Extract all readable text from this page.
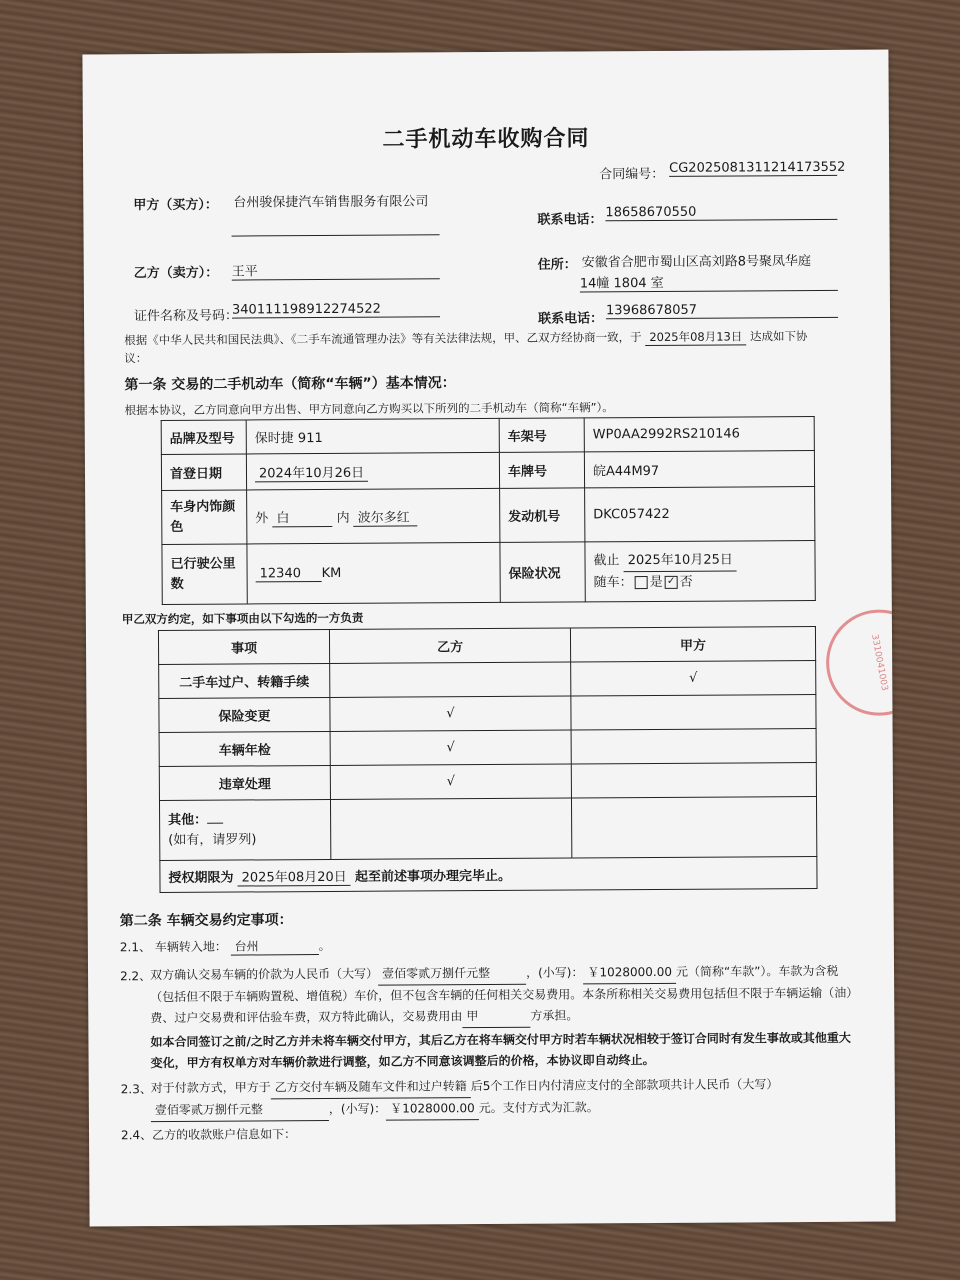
二手机动车收购合同
合同编号： CG202508131121417355​2
甲方（买方）： 台州骏保捷汽车销售服务有限公司
联系电话： 18658670550
乙方（卖方）： 王平	住所： 安徽省合肥市蜀山区高刘路8号聚凤华庭
14幢 1804 室
证件名称及号码：
340111198912274522
联系电话：
13968678057
根据《中华人民共和国民法典》、《二手车流通管理办法》等有关法律法规，甲、乙双方经协商一致，于 2025年08月13日 达成如下协
议：
第一条 交易的二手机动车（简称“车辆”）基本情况：
根据本协议，乙方同意向甲方出售、甲方同意向乙方购买以下所列的二手机动车（简称“车辆”）。
品牌及型号	保时捷 911	车架号	WP0AA2992RS210146
首登日期	2024年10月26日	车牌号	皖A44M97
车身内饰颜色	外 白 内 波尔多红	发动机号	DKC057422
已行驶公里数	12340 KM	保险状况	截止 2025年10月25日
随车： 是 ✓ 否
甲乙双方约定，如下事项由以下勾选的一方负责
事项	乙方	甲方
二手车过户、转籍手续		√
保险变更	√	
车辆年检	√	
违章处理	√	
其他：
(如有，请罗列)		
授权期限为 2025年08月20日 起至前述事项办理完毕止。		
第二条 车辆交易约定事项：
2.1、 车辆转入地： 台州	。
2.2、
双方确认交易车辆的价款为人民币（大写） 壹佰零贰万捌仟元整	，(小写)： ￥1028000.00 元（简称“车款”）。车款为含税（包括但不限于车辆购置税、增值税）车价，但不包含车辆的任何相关交易费用。本条所称相关交易费用包括但不限于车辆运输（油）费、过户交易费和评估验车费，双方特此确认，交易费用由 甲	方承担。
如本合同签订之前/之时乙方并未将车辆交付甲方，其后乙方在将车辆交付甲方时若车辆状况相较于签订合同时有发生事故或其他重大变化，甲方有权单方对车辆价款进行调整，如乙方不同意该调整后的价格，本协议即自动终止。
2.3、
对于付款方式，甲方于 乙方交付车辆及随车文件和过户转籍 后5个工作日内付清应支付的全部款项共计人民币（大写）壹佰零贰万捌仟元整	，(小写)： ￥1028000.00 元。支付方式为汇款。
2.4、乙方的收款账户信息如下：
3310041003
